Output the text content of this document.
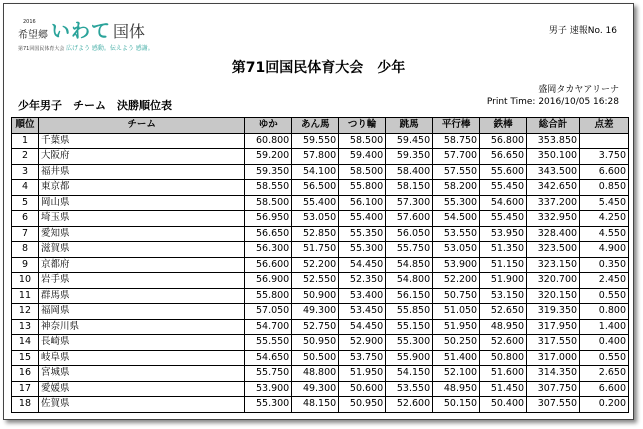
2016
希望郷 いわて 国体
第71回国民体育大会 広げよう 感動。伝えよう 感謝。
男子 速報No. 16
第71回国民体育大会　少年
盛岡タカヤアリーナ
少年男子　チーム　決勝順位表	Print Time: 2016/10/05 16:28
順位	チーム	ゆか	あん馬	つり輪	跳馬	平行棒	鉄棒	総合計	点差
1	千葉県	60.800	59.550	58.500	59.450	58.750	56.800	353.850	
2	大阪府	59.200	57.800	59.400	59.350	57.700	56.650	350.100	3.750
3	福井県	59.350	54.100	58.500	58.400	57.550	55.600	343.500	6.600
4	東京都	58.550	56.500	55.800	58.150	58.200	55.450	342.650	0.850
5	岡山県	58.500	55.400	56.100	57.300	55.300	54.600	337.200	5.450
6	埼玉県	56.950	53.050	55.400	57.600	54.500	55.450	332.950	4.250
7	愛知県	56.650	52.850	55.350	56.050	53.550	53.950	328.400	4.550
8	滋賀県	56.300	51.750	55.300	55.750	53.050	51.350	323.500	4.900
9	京都府	56.600	52.200	54.450	54.850	53.900	51.150	323.150	0.350
10	岩手県	56.900	52.550	52.350	54.800	52.200	51.900	320.700	2.450
11	群馬県	55.800	50.900	53.400	56.150	50.750	53.150	320.150	0.550
12	福岡県	57.050	49.300	53.450	55.850	51.050	52.650	319.350	0.800
13	神奈川県	54.700	52.750	54.450	55.150	51.950	48.950	317.950	1.400
14	長崎県	55.550	50.950	52.900	55.300	50.250	52.600	317.550	0.400
15	岐阜県	54.650	50.500	53.750	55.900	51.400	50.800	317.000	0.550
16	宮城県	55.750	48.800	51.950	54.150	52.100	51.600	314.350	2.650
17	愛媛県	53.900	49.300	50.600	53.550	48.950	51.450	307.750	6.600
18	佐賀県	55.300	48.150	50.950	52.600	50.150	50.400	307.550	0.200
